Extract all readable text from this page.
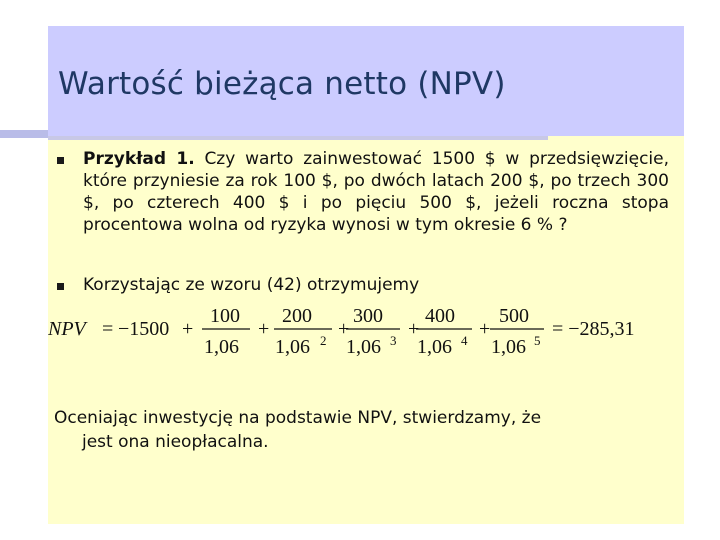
Wartość bieżąca netto (NPV)
Przykład 1. Czy warto zainwestować 1500 $ w przedsięwzięcie, które przyniesie za rok 100 $, po dwóch latach 200 $, po trzech 300 $, po czterech 400 $ i po pięciu 500 $, jeżeli roczna stopa procentowa wolna od ryzyka wynosi w tym okresie 6 % ?
Korzystając ze wzoru (42) otrzymujemy
NPV = −1500 +
100
1,06
+
200
1,06 2
+
300
1,06 3
+
400
1,06 4
+
500
1,06 5
= −285,31
Oceniając inwestycję na podstawie NPV, stwierdzamy, że
jest ona nieopłacalna.
